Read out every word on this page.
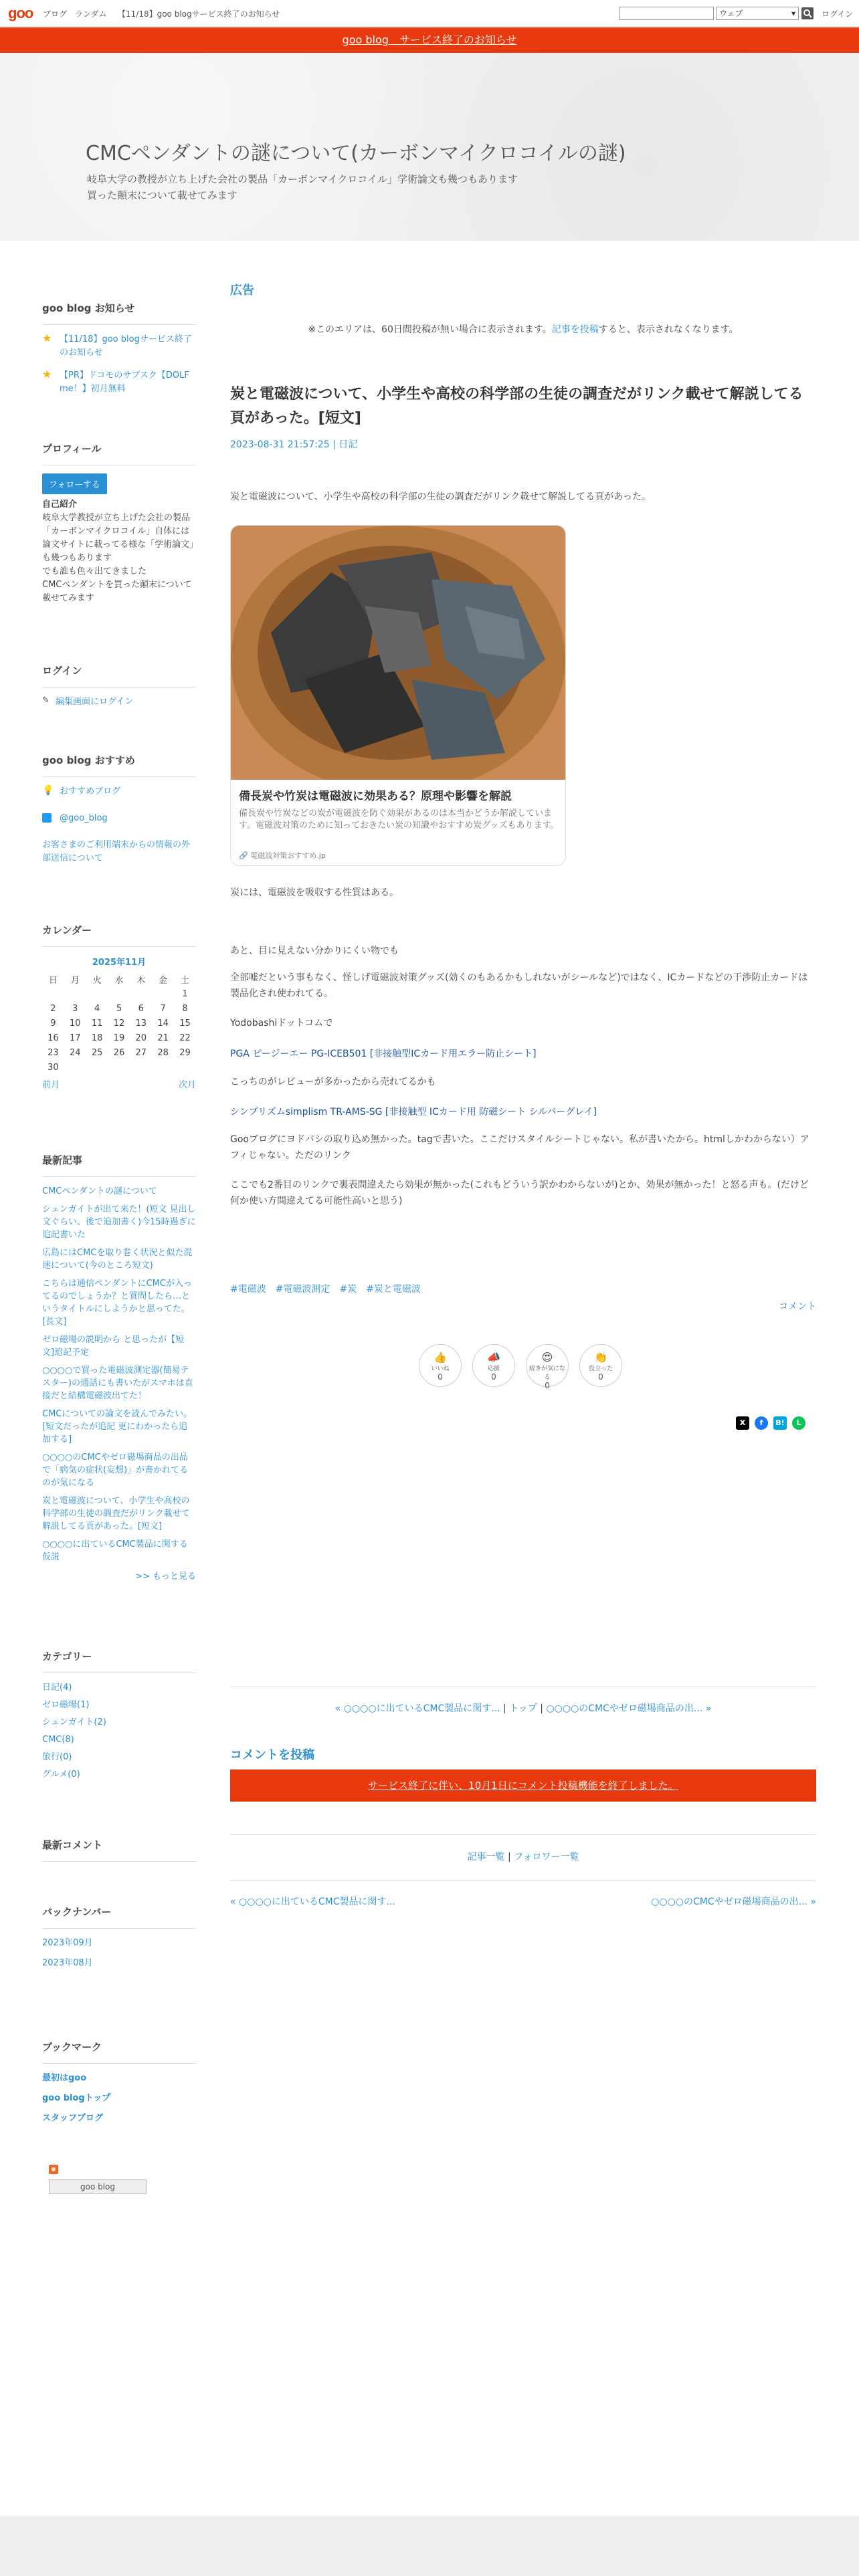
goo ブログ ランダム 【11/18】goo blogサービス終了のお知らせ	ウェブ	▾	ログイン
goo blog　サービス終了のお知らせ
CMCペンダントの謎について(カーボンマイクロコイルの謎)
岐阜大学の教授が立ち上げた会社の製品「カーボンマイクロコイル」学術論文も幾つもあります
買った顛末について載せてみます
goo blog お知らせ
★ 【11/18】goo blogサービス終了のお知らせ
★ 【PR】ドコモのサブスク【DOLF me！】初月無料
プロフィール
フォローする
自己紹介
岐阜大学教授が立ち上げた会社の製品「カーボンマイクロコイル」自体には論文サイトに載ってる様な「学術論文」も幾つもあります
でも誰も色々出てきました
CMCペンダントを買った顛末について載せてみます
ログイン
✎ 編集画面にログイン
goo blog おすすめ
💡 おすすめブログ
@goo_blog
お客さまのご利用端末からの情報の外部送信について
カレンダー
2025年11月
日	月	火	水	木	金	土
						1
2	3	4	5	6	7	8
9	10	11	12	13	14	15
16	17	18	19	20	21	22
23	24	25	26	27	28	29
30						
前月	次月
最新記事
CMCペンダントの謎について
シュンガイトが出て来た！(短文 見出し文ぐらい、後で追加書く)今15時過ぎに追記書いた
広島にはCMCを取り巻く状況と似た混迷について(今のところ短文)
こちらは通信ペンダントにCMCが入ってるのでしょうか？と質問したら…というタイトルにしようかと思ってた。[長文]
ゼロ磁場の説明から と思ったが【短文]追記予定
○○○○で買った電磁波測定器(簡易テスター)の通話にも書いたがスマホは直接だと結構電磁波出てた！
CMCについての論文を読んでみたい。[短文だったが追記 更にわかったら追加する]
○○○○のCMCやゼロ磁場商品の出品で「病気の症状(妄想)」が書かれてるのが気になる
炭と電磁波について、小学生や高校の科学部の生徒の調査だがリンク載せて解説してる頁があった。[短文]
○○○○に出ているCMC製品に関する仮説
>> もっと見る
カテゴリー
日記(4)
ゼロ磁場(1)
シュンガイト(2)
CMC(8)
旅行(0)
グルメ(0)
最新コメント
バックナンバー
2023年09月
2023年08月
ブックマーク
最初はgoo
goo blogトップ
スタッフブログ
◉
goo blog
広告
※このエリアは、60日間投稿が無い場合に表示されます。記事を投稿すると、表示されなくなります。
炭と電磁波について、小学生や高校の科学部の生徒の調査だがリンク載せて解説してる頁があった。[短文]
2023-08-31 21:57:25 | 日記
炭と電磁波について、小学生や高校の科学部の生徒の調査だがリンク載せて解説してる頁があった。
備長炭や竹炭は電磁波に効果ある？原理や影響を解説
備長炭や竹炭などの炭が電磁波を防ぐ効果があるのは本当かどうか解説しています。電磁波対策のために知っておきたい炭の知識やおすすめ炭グッズもあります。
🔗 電磁波対策おすすめ.jp
炭には、電磁波を吸収する性質はある。
あと、目に見えない分かりにくい物でも
全部嘘だという事もなく、怪しげ電磁波対策グッズ(効くのもあるかもしれないがシールなど)ではなく、ICカードなどの干渉防止カードは製品化され使われてる。
Yodobashiドットコムで
PGA ピージーエー PG-ICEB501 [非接触型ICカード用エラー防止シート]
こっちのがレビューが多かったから売れてるかも
シンプリズムsimplism TR-AMS-SG [非接触型 ICカード用 防磁シート シルバーグレイ]
Gooブログにヨドバシの取り込め無かった。tagで書いた。ここだけスタイルシートじゃない。私が書いたから。htmlしかわからない）アフィじゃない。ただのリンク
ここでも2番目のリンクで裏表間違えたら効果が無かった(これもどういう訳かわからないが)とか、効果が無かった！と怒る声も。(だけど何か使い方間違えてる可能性高いと思う)
#電磁波 #電磁波測定 #炭 #炭と電磁波
コメント
👍
いいね
0
📣
応援
0
😍
続きが気になる
0
👏
役立った
0
X	f	B!	L
« ○○○○に出ているCMC製品に関す... | トップ | ○○○○のCMCやゼロ磁場商品の出... »
コメントを投稿
サービス終了に伴い、10月1日にコメント投稿機能を終了しました。
記事一覧 | フォロワー一覧
« ○○○○に出ているCMC製品に関す...	○○○○のCMCやゼロ磁場商品の出... »
